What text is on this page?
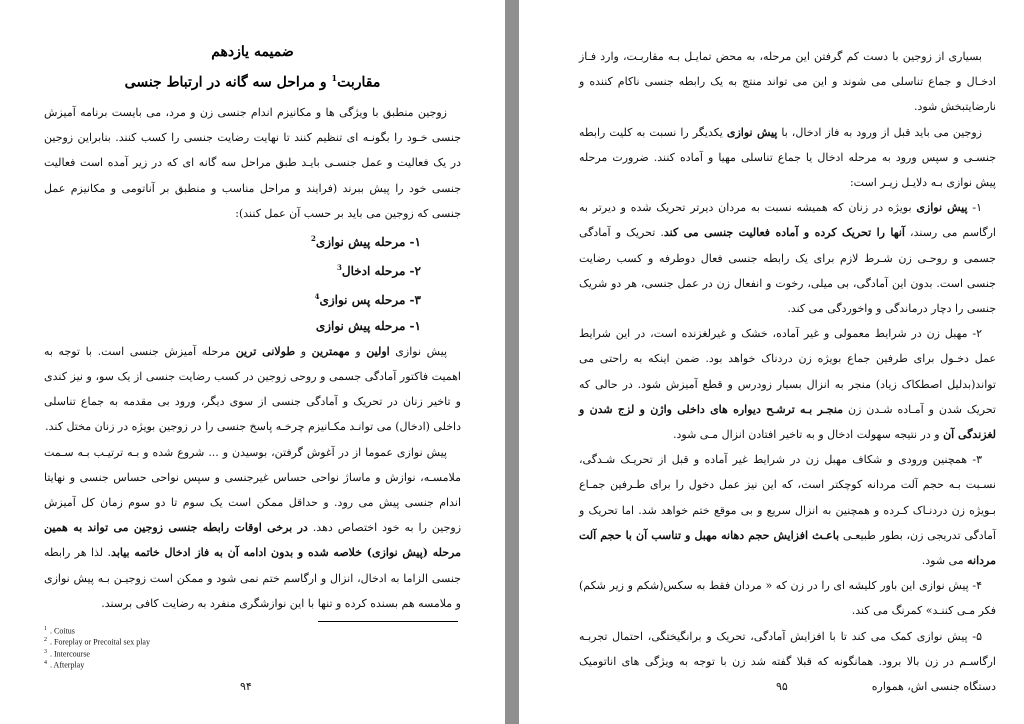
ضمیمه یازدهم
مقاربت$^1$ و مراحل سه گانه در ارتباط جنسی

زوجین منطبق با ویژگی ها و مکانیزم اندام جنسی زن و مرد، می بایست برنامه آمیزش جنسی خـود را بگونـه ای تنظیم کنند تا نهایت رضایت جنسی را کسب کنند. بنابراین زوجین در یک فعالیت و عمل جنسـی بایـد طبق مراحل سه گانه ای که در زیر آمده است فعالیت جنسی خود را پیش ببرند (فرایند و مراحل مناسب و منطبق بر آناتومی و مکانیزم عمل جنسی که زوجین می باید بر حسب آن عمل کنند):

۱- مرحله پیش نوازی$^2$

۲- مرحله ادخال$^3$

۳- مرحله پس نوازی$^4$

۱- مرحله پیش نوازی

پیش نوازی اولین و مهمترین و طولانی ترین مرحله آمیزش جنسی است. با توجه به اهمیت فاکتور آمادگی جسمی و روحی زوجین در کسب رضایت جنسی از یک سو، و نیز کندی و تاخیر زنان در تحریک و آمادگی جنسی از سوی دیگر، ورود بی مقدمه به جماع تناسلی داخلی (ادخال) می توانـد مکـانیزم چرخـه پاسخ جنسی را در زوجین بویژه در زنان مختل کند.

پیش نوازی عموما از در آغوش گرفتن، بوسیدن و ... شروع شده و بـه ترتیـب بـه سـمت ملامسـه، نوازش و ماساژ نواحی حساس غیرجنسی و سپس نواحی حساس جنسی و نهایتا اندام جنسی پیش می رود. و حداقل ممکن است یک سوم تا دو سوم زمان کل آمیزش زوجین را به خود اختصاص دهد. در برخی اوقات رابطه جنسی زوجین می تواند به همین مرحله (پیش نوازی) خلاصه شده و بدون ادامه آن به فاز ادخال خاتمه بیابد. لذا هر رابطه جنسی الزاما به ادخال، انزال و ارگاسم ختم نمی شود و ممکن است زوجیـن بـه پیش نوازی و ملامسه هم بسنده کرده و تنها با این نوازشگری منفرد به رضایت کافی برسند.

$^1$ . Coitus
$^2$ . Foreplay or Precoital sex play
$^3$ . Intercourse
$^4$ . Afterplay
۹۴

بسیاری از زوجین با دست کم گرفتن این مرحله، به محض تمایـل بـه مقاربـت، وارد فـاز ادخـال و جماع تناسلی می شوند و این می تواند منتج به یک رابطه جنسی ناکام کننده و نارضایتبخش شود.

زوجین می باید قبل از ورود به فاز ادخال، با پیش نوازی یکدیگر را نسبت به کلیت رابطه جنسـی و سپس ورود به مرحله ادخال یا جماع تناسلی مهیا و آماده کنند. ضرورت مرحله پیش نوازی بـه دلایـل زیـر است:

۱- پیش نوازی بویژه در زنان که همیشه نسبت به مردان دیرتر تحریک شده و دیرتر به ارگاسم می رسند، آنها را تحریک کرده و آماده فعالیت جنسی می کند. تحریک و آمادگی جسمی و روحـی زن شـرط لازم برای یک رابطه جنسی فعال دوطرفه و کسب رضایت جنسی است. بدون این آمادگی، بی میلی، رخوت و انفعال زن در عمل جنسی، هر دو شریک جنسی را دچار درماندگی و واخوردگی می کند.

۲- مهبل زن در شرایط معمولی و غیر آماده، خشک و غیرلغزنده است، در این شرایط عمل دخـول برای طرفین جماع بویژه زن دردناک خواهد بود. ضمن اینکه به راحتی می تواند(بدلیل اصطکاک زیاد) منجر به انزال بسیار زودرس و قطع آمیزش شود. در حالی که تحریک شدن و آمـاده شـدن زن منجـر بـه ترشـح دیواره های داخلی واژن و لزج شدن و لغزندگی آن و در نتیجه سهولت ادخال و به تاخیر افتادن انزال مـی شود.

۳- همچنین ورودی و شکاف مهبل زن در شرایط غیر آماده و قبل از تحریـک شـدگی، نسـبت بـه حجم آلت مردانه کوچکتر است، که این نیز عمل دخول را برای طـرفین جمـاع بـویژه زن دردنـاک کـرده و همچنین به انزال سریع و بی موقع ختم خواهد شد. اما تحریک و آمادگی تدریجی زن، بطور طبیعـی باعـث افزایش حجم دهانه مهبل و تناسب آن با حجم آلت مردانه می شود.

۴- پیش نوازی این باور کلیشه ای را در زن که « مردان فقط به سکس(شکم و زیر شکم) فکر مـی کننـد» کمرنگ می کند.

۵- پیش نوازی کمک می کند تا با افزایش آمادگی، تحریک و برانگیختگی، احتمال تجربـه ارگاسـم در زن بالا برود. همانگونه که قبلا گفته شد زن با توجه به ویژگی های اناتومیک دستگاه جنسی اش، همواره

۹۵
